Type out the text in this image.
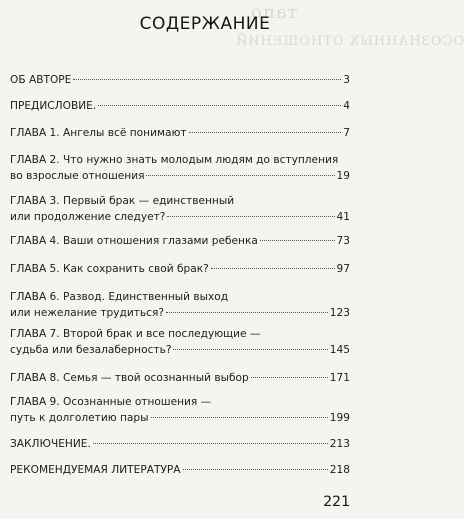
тапо
ОСОЗНАННЫХ ОТНОШЕНИЙ
СОДЕРЖАНИЕ
ОБ АВТОРЕ	3
ПРЕДИСЛОВИЕ.	4
ГЛАВА 1. Ангелы всё понимают	7
ГЛАВА 2. Что нужно знать молодым людям до вступления
во взрослые отношения	19
ГЛАВА 3. Первый брак — единственный
или продолжение следует?	41
ГЛАВА 4. Ваши отношения глазами ребенка	73
ГЛАВА 5. Как сохранить свой брак?	97
ГЛАВА 6. Развод. Единственный выход
или нежелание трудиться?	123
ГЛАВА 7. Второй брак и все последующие —
судьба или безалаберность?	145
ГЛАВА 8. Семья — твой осознанный выбор	171
ГЛАВА 9. Осознанные отношения —
путь к долголетию пары	199
ЗАКЛЮЧЕНИЕ.	213
РЕКОМЕНДУЕМАЯ ЛИТЕРАТУРА	218
221
